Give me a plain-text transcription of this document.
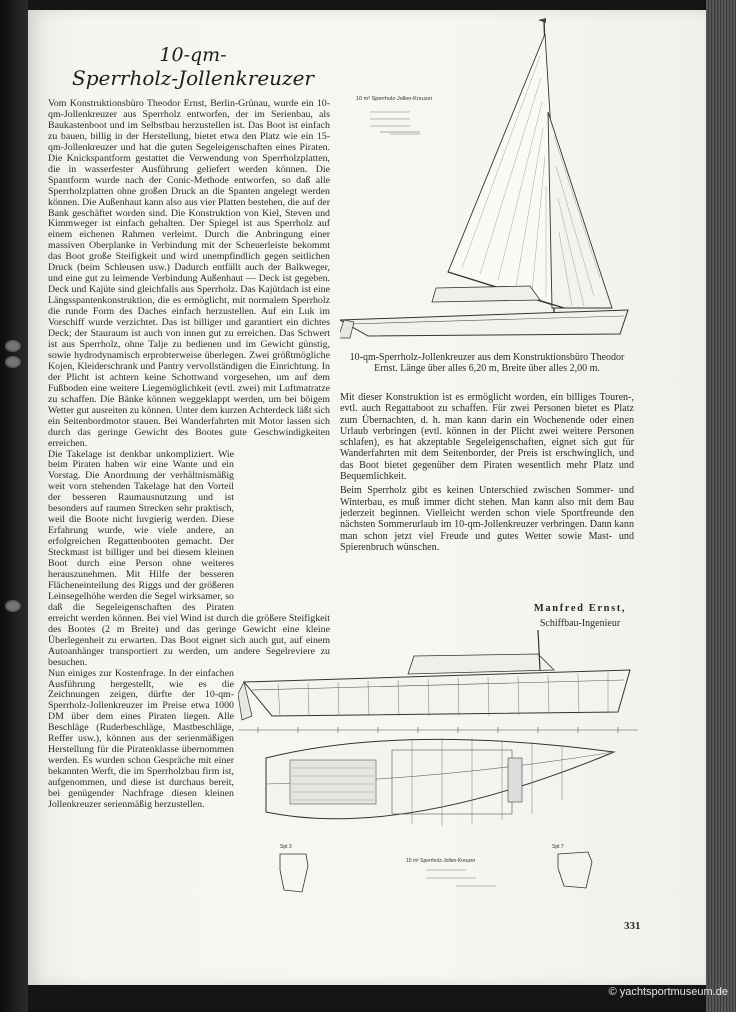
10-qm-
Sperrholz-Jollenkreuzer
10 m² Sperrholz-Jollen-Kreuzer
10-qm-Sperrholz-Jollenkreuzer aus dem Konstruktionsbüro Theodor Ernst. Länge über alles 6,20 m, Breite über alles 2,00 m.

Mit dieser Konstruktion ist es ermöglicht worden, ein billiges Touren-, evtl. auch Regattaboot zu schaffen. Für zwei Personen bietet es Platz zum Übernachten, d. h. man kann darin ein Wochenende oder einen Urlaub verbringen (evtl. können in der Plicht zwei weitere Personen schlafen), es hat akzeptable Segeleigenschaften, eignet sich gut für Wanderfahrten mit dem Seitenborder, der Preis ist erschwinglich, und das Boot bietet gegenüber dem Piraten wesentlich mehr Platz und Bequemlichkeit.

Beim Sperrholz gibt es keinen Unterschied zwischen Sommer- und Winterbau, es muß immer dicht stehen. Man kann also mit dem Bau jederzeit beginnen. Vielleicht werden schon viele Sportfreunde den nächsten Sommerurlaub im 10-qm-Jollenkreuzer verbringen. Dann kann man schon jetzt viel Freude und gutes Wetter sowie Mast- und Spierenbruch wünschen.

Manfred Ernst,
Schiffbau-Ingenieur

Vom Konstruktionsbüro Theodor Ernst, Berlin-Grünau, wurde ein 10-qm-Jollenkreuzer aus Sperrholz entworfen, der im Serienbau, als Baukastenboot und im Selbstbau herzustellen ist. Das Boot ist einfach zu bauen, billig in der Herstellung, bietet etwa den Platz wie ein 15-qm-Jollenkreuzer und hat die guten Segeleigenschaften eines Piraten. Die Knickspantform gestattet die Verwendung von Sperrholzplatten, die in wasserfester Ausführung geliefert werden können. Die Spantform wurde nach der Conic-Methode entworfen, so daß alle Sperrholzplatten ohne großen Druck an die Spanten angelegt werden können. Die Außenhaut kann also aus vier Platten bestehen, die auf der Bank geschäftet worden sind. Die Konstruktion von Kiel, Steven und Kimmweger ist einfach gehalten. Der Spiegel ist aus Sperrholz auf einem eichenen Rahmen verleimt. Durch die Anbringung einer massiven Oberplanke in Verbindung mit der Scheuerleiste bekommt das Boot große Steifigkeit und wird unempfindlich gegen seitlichen Druck (beim Schleusen usw.) Dadurch entfällt auch der Balkweger, und eine gut zu leimende Verbindung Außenhaut — Deck ist gegeben. Deck und Kajüte sind gleichfalls aus Sperrholz. Das Kajütdach ist eine Längsspantenkonstruktion, die es ermöglicht, mit normalem Sperrholz die runde Form des Daches einfach herzustellen. Auf ein Luk im Vorschiff wurde verzichtet. Das ist billiger und garantiert ein dichtes Deck; der Stauraum ist auch von innen gut zu erreichen. Das Schwert ist aus Sperrholz, ohne Talje zu bedienen und im Gewicht günstig, sowie hydrodynamisch erprobterweise überlegen. Zwei größtmögliche Kojen, Kleiderschrank und Pantry vervollständigen die Einrichtung. In der Plicht ist achtern keine Schottwand vorgesehen, um auf dem Fußboden eine weitere Liegemöglichkeit (evtl. zwei) mit Luftmatratze zu schaffen. Die Bänke können weggeklappt werden, um bei böigem Wetter gut ausreiten zu können. Unter dem kurzen Achterdeck läßt sich ein Seitenbordmotor stauen. Bei Wanderfahrten mit Motor lassen sich durch das geringe Gewicht des Bootes gute Geschwindigkeiten erreichen.

Die Takelage ist denkbar unkompliziert. Wie beim Piraten haben wir eine Wante und ein Vorstag. Die Anordnung der verhältnismäßig weit vorn stehenden Takelage hat den Vorteil der besseren Raumausnutzung und ist besonders auf raumen Strecken sehr praktisch, weil die Boote nicht luvgierig werden. Diese Erfahrung wurde, wie viele andere, an erfolgreichen Regattenbooten gemacht. Der Steckmast ist billiger und bei diesem kleinen Boot durch eine Person ohne weiteres herauszunehmen. Mit Hilfe der besseren Flächeneinteilung des Riggs und der größeren Leinsegelhöhe werden die Segel wirksamer, so daß die Segeleigenschaften des Piraten erreicht werden können. Bei viel Wind ist durch die größere Steifigkeit des Bootes (2 m Breite) und das geringe Gewicht eine kleine Überlegenheit zu erwarten. Das Boot eignet sich auch gut, auf einem Autoanhänger transportiert zu werden, um andere Segelreviere zu besuchen.

Nun einiges zur Kostenfrage. In der einfachen Ausführung hergestellt, wie es die Zeichnungen zeigen, dürfte der 10-qm-Sperrholz-Jollenkreuzer im Preise etwa 1000 DM über dem eines Piraten liegen. Alle Beschläge (Ruderbeschläge, Mastbeschläge, Reffer usw.), können aus der serienmäßigen Herstellung für die Piratenklasse übernommen werden. Es wurden schon Gespräche mit einer bekannten Werft, die im Sperrholzbau firm ist, aufgenommen, und diese ist durchaus bereit, bei genügender Nachfrage diesen kleinen Jollenkreuzer serienmäßig herzustellen.

Spt 3
10 m² Sperrholz-Jollen-Kreuzer
Spt 7
331
© yachtsportmuseum.de
